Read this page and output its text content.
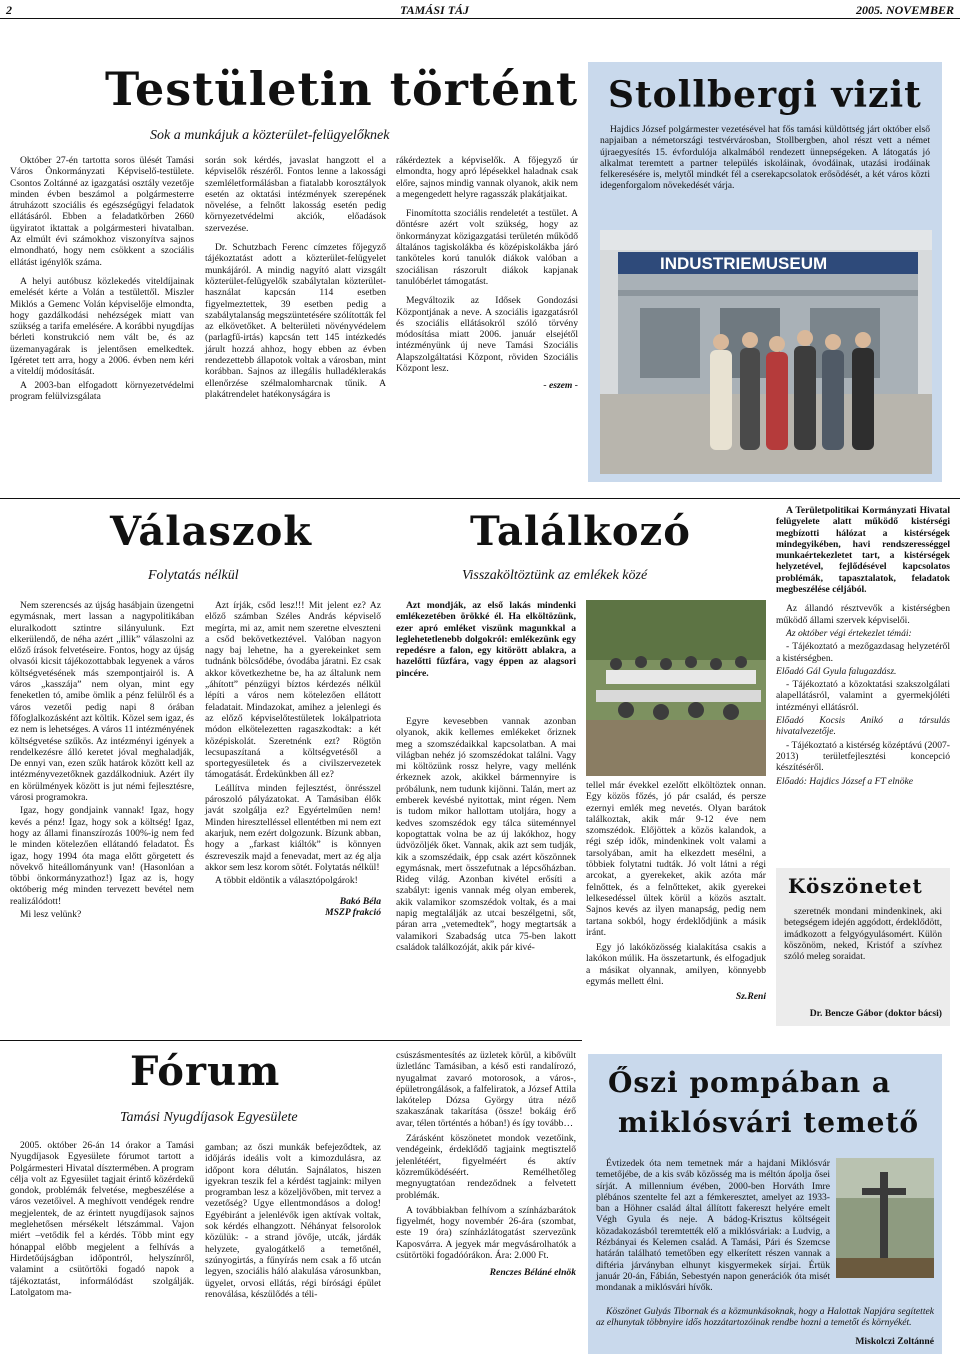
2	TAMÁSI TÁJ	2005. NOVEMBER
Testületin történt
Sok a munkájuk a közterület-felügyelőknek

Október 27-én tartotta soros ülését Tamási Város Önkormányzati Képviselő-testülete. Csontos Zoltánné az igazgatási osztály vezetője minden évben beszámol a polgármesterre átruházott szociális és egészségügyi feladatok ellátásáról. Ebben a feladatkörben 2660 ügyiratot iktattak a polgármesteri hivatalban. Az elmúlt évi számokhoz viszonyítva sajnos elmondható, hogy nem csökkent a szociális ellátást igénylők száma.

A helyi autóbusz közlekedés viteldíjainak emelését kérte a Volán a testülettől. Miszler Miklós a Gemenc Volán képviselője elmondta, hogy gazdálkodási nehézségek miatt van szükség a tarifa emelésére. A korábbi nyugdíjas bérleti konstrukció nem vált be, és az üzemanyagárak is jelentősen emelkedtek. Igéretet tett arra, hogy a 2006. évben nem kéri a viteldíj módosítását.

A 2003-ban elfogadott környezetvédelmi program felülvizsgálata

során sok kérdés, javaslat hangzott el a képviselők részéről. Fontos lenne a lakossági szemléletformálásban a fiatalabb korosztályok esetén az oktatási intézmények szerepének növelése, a felnőtt lakosság esetén pedig környezetvédelmi akciók, előadások szervezése.

Dr. Schutzbach Ferenc címzetes főjegyző tájékoztatást adott a közterület-felügyelet munkájáról. A mindig nagyító alatt vizsgált közterület-felügyelők szabálytalan közterület-használat kapcsán 114 esetben figyelmeztettek, 39 esetben pedig a szabálytalanság megszüntetésére szólították fel az elkövetőket. A belterületi növényvédelem (parlagfű-irtás) kapcsán tett 145 intézkedés járult hozzá ahhoz, hogy ebben az évben rendezettebb állapotok voltak a városban, mint korábban. Sajnos az illegális hulladéklerakás ellenőrzése szélmalomharcnak tűnik. A plakátrendelet hatékonyságára is

rákérdeztek a képviselők. A főjegyző úr elmondta, hogy apró lépésekkel haladnak csak előre, sajnos mindig vannak olyanok, akik nem a megengedett helyre ragasszák plakátjaikat.

Finomította szociális rendeletét a testület. A döntésre azért volt szükség, hogy az önkormányzat közigazgatási területén működő általános tagiskolákba és középiskolákba járó tanköteles korú tanulók diákok valóban a szociálisan rászorult diákok kapjanak tanulóbérlet támogatást.

Megváltozik az Idősek Gondozási Központjának a neve. A szociális igazgatásról és szociális ellátásokról szóló törvény módosítása miatt 2006. január elsejétől intézményünk új neve Tamási Szociális Alapszolgáltatási Központ, röviden Szociális Központ lesz.

- eszem -

Stollbergi vizit

Hajdics József polgármester vezetésével hat fős tamási küldöttség járt október első napjaiban a németországi testvérvárosban, Stollbergben, ahol részt vett a német újraegyesítés 15. évfordulója alkalmából rendezett ünnepségeken. A látogatás jó alkalmat teremtett a partner település iskoláinak, óvodáinak, utazási irodáinak felkeresésére is, melytől mindkét fél a cserekapcsolatok erősödését, a két város közti idegenforgalom növekedését várja.

INDUSTRIEMUSEUM
Válaszok
Folytatás nélkül

Nem szerencsés az újság hasábjain üzengetni egymásnak, mert lassan a nagypolitikában eluralkodott sztintre silányulunk. Ezt elkerülendő, de néha azért „illik” válaszolni az előző írások felvetéseire. Fontos, hogy az újság olvasói kicsit tájékozottabbak legyenek a város költségvetésének más szempontjairól is. A város „kasszája” nem olyan, mint egy feneketlen tó, amibe ömlik a pénz felülről és a város vezetői pedig napi 8 órában főfoglalkozásként azt költik. Közel sem igaz, és ez nem is lehetséges. A város 11 intézményének költségvetése szűkös. Az intézményi igények a rendelkezésre álló keretet jóval meghaladják, De ennyi van, ezen szűk határok között kell az intézményvezetőknek gazdálkodniuk. Azért íly en körülmények között is jut némi fejlesztésre, városi programokra.

Igaz, hogy gondjaink vannak! Igaz, hogy kevés a pénz! Igaz, hogy sok a költség! Igaz, hogy az állami finanszírozás 100%-ig nem fed le minden kötelezően ellátandó feladatot. És igaz, hogy 1994 óta maga előtt görgetett és növekvő hiteállományunk van! (Hasonlóan a többi önkormányzathoz!) Igaz az is, hogy októberig még minden tervezett bevétel nem realizálódott!

Mi lesz velünk?

Azt írják, csőd lesz!!! Mit jelent ez? Az előző számban Széles András képviselő megírta, mi az, amit nem szeretne elveszteni a csőd bekövetkeztével. Valóban nagyon nagy baj lehetne, ha a gyerekeinket sem tudnánk bölcsődébe, óvodába járatni. Ez csak akkor következhetne be, ha az általunk nem „áhított” pénzügyi bíztos kérdezés nélkül lépíti a város nem kötelezően ellátott feladatait. Mindazokat, amihez a jelenlegi és az előző képviselőtestületek lokálpatriota módon elkötelezetten ragaszkodtak: a két középiskolát. Szeretnénk ezt? Rögtön lecsupaszítaná a költségvetésől a sportegyesületek és a civilszervezetek támogatását. Érdekünkben áll ez?

Leállítva minden fejlesztést, önrésszel pároszoló pályázatokat. A Tamásiban élők javát szolgálja ez? Egyértelműen nem! Minden hiresztelléssel ellentétben mi nem ezt akarjuk, nem ezért dolgozunk. Bízunk abban, hogy a „farkast kiáltók” is könnyen észreveszik majd a fenevadat, mert az ég alja akkor sem lesz korom sötét. Folytatás nélkül!

A többit eldöntik a választópolgárok!

Bakó Béla

MSZP frakció

Találkozó
Visszaköltöztünk az emlékek közé

Azt mondják, az első lakás mindenki emlékezetében örökké él. Ha elköltözünk, ezer apró emléket viszünk magunkkal a leglehetetlenebb dolgokról: emlékezünk egy repedésre a falon, egy kitörött ablakra, a hazelőtti fűzfára, vagy éppen az alagsori pincére.

Egyre kevesebben vannak azonban olyanok, akik kellemes emlékeket őriznek meg a szomszédaikkal kapcsolatban. A mai világban nehéz jó szomszédokat találni. Vagy mi költözünk rossz helyre, vagy mellénk érkeznek azok, akikkel bármennyire is próbálunk, nem tudunk kijönni. Talán, mert az emberek kevésbé nyitottak, mint régen. Nem is tudom mikor hallottam utoljára, hogy a kedves szomszédok egy tálca süteménnyel kopogtattak volna be az új lakókhoz, hogy üdvözöljék őket. Vannak, akik azt sem tudják, kik a szomszédaik, épp csak azért köszönnek egymásnak, mert összefutnak a lépcsőházban. Rideg világ. Azonban kivétel erősíti a szabályt: igenis vannak még olyan emberek, akik valamikor szomszédok voltak, és a mai napig megtalálják az utcai beszélgetni, sőt, páran arra „vetemedtek”, hogy megtartsák a valamikori Szabadság utca 75-ben lakott családok találkozóját, akik pár kivé-

tellel már évekkel ezelőtt elköltöztek onnan. Egy közös főzés, jó pár család, és persze ezernyi emlék meg nevetés. Olyan barátok találkoztak, akik már 9-12 éve nem szomszédok. Előjöttek a közös kalandok, a régi szép idők, mindenkinek volt valami a tarsolyában, amit ha elkezdett mesélni, a többiek folytatni tudták. Jó volt látni a régi arcokat, a gyerekeket, akik azóta már felnőttek, és a felnőtteket, akik gyerekei lelkesedéssel ültek körül a közös asztalt. Sajnos kevés az ilyen manapság, pedig nem tartana sokból, hogy érdeklődjünk a másik iránt.

Egy jó lakóközösség kialakítása csakis a lakókon múlik. Ha összetartunk, és elfogadjuk a másikat olyannak, amilyen, könnyebb egymás mellett élni.

Sz.Reni

A Területpolitikai Kormányzati Hivatal felügyelete alatt működő kistérségi megbízotti hálózat a kistérségek mindegyikében, havi rendszerességgel munkaértekezletet tart, a kistérségek helyzetével, fejlődésével kapcsolatos problémák, tapasztalatok, feladatok megbeszélése céljából.

Az állandó résztvevők a kistérségben működő állami szervek képviselői.

Az október végi értekezlet témái:

- Tájékoztató a mezőgazdasag helyzetéről a kistérségben.

Előadó Gál Gyula falugazdász.

- Tájékoztató a közoktatási szakszolgálati alapellátásról, valamint a gyermekjóléti intézményi ellátásról.

Előadó Kocsis Anikó a társulás hivatalvezetője.

- Tájékoztató a kistérség középtávú (2007-2013) területfejlesztési koncepció készítéséről.

Előadó: Hajdics József a FT elnöke

Köszönetet

szeretnék mondani mindenkinek, aki betegségem idején aggódott, érdeklődött, imádkozott a felgyógyulásomért. Külön köszönöm, neked, Kristóf a szívhez szóló meleg soraidat.

Dr. Bencze Gábor (doktor bácsi)

Fórum
Tamási Nyugdíjasok Egyesülete

2005. október 26-án 14 órakor a Tamási Nyugdíjasok Egyesülete fórumot tartott a Polgármesteri Hivatal dísztermében. A program célja volt az Egyesület tagjait érintő közérdekű gondok, problémák felvetése, megbeszélése a város vezetőivel. A meghívott vendégek rendre megjelentek, de az érintett nyugdíjasok sajnos meglehetősen mérsékelt létszámmal. Vajon miért –vetődik fel a kérdés. Több mint egy hónappal előbb megjelent a felhívás a Hirdetőújságban időpontról, helyszínről, valamint a csütörtöki fogadó napok a tájékoztatást, informálódást szolgálják. Latolgatom ma-

gamban; az őszi munkák befejeződtek, az időjárás ideális volt a kimozdulásra, az időpont kora délután. Sajnálatos, hiszen igyekran teszik fel a kérdést tagjaink: milyen programban lesz a közeljövőben, mit tervez a vezetőség? Ugye ellentmondásos a dolog! Egyébiránt a jelenlévők igen aktívak voltak, sok kérdés elhangzott. Néhányat felsorolok közülük: - a strand jövője, utcák, járdák helyzete, gyalogátkelő a temetőnél, szúnyogirtás, a fűnyírás nem csak a fő utcán legyen, szociális háló alakulása városunkban, ügyelet, orvosi ellátás, régi bírósági épület renoválása, készülődés a téli-

csúszásmentesítés az üzletek körül, a kibővült üzletlánc Tamásiban, a késő esti randalírozó, nyugalmat zavaró motorosok, a város-, épületrongálások, a falfeliratok, a József Attila lakótelep Dózsa György útra néző szakaszának takarítása (össze! bokáig érő avar, télen történtés a hóban!) és így tovább…

Zárásként köszönetet mondok vezetőink, vendégeink, érdeklődő tagjaink megtisztelő jelenlétéért, figyelméért és aktív közreműködéséért. Remélhetőleg megnyugtatóan rendeződnek a felvetett problémák.

A továbbiakban felhívom a színházbarátok figyelmét, hogy novembér 26-ára (szombat, este 19 óra) színházlátogatást szervezünk Kaposvárra. A jegyek már megvásárolhatók a csütörtöki fogadóórákon. Ára: 2.000 Ft.

Renczes Béláné elnök

Őszi pompában a
miklósvári temető

Évtizedek óta nem temetnek már a hajdani Miklósvár temetőjébe, de a kis sváb közösség ma is méltón ápolja ősei sírját. A millennium évében, 2000-ben Horváth Imre plébános szentelte fel azt a fémkeresztet, amelyet az 1933-ban a Höhner család által állított fakereszt helyére emelt Végh Gyula és neje. A bádog-Krisztus költségeit közadakozásból teremtették elő a miklósváriak: a Ludvig, a Rézbányai és Kelemen család. A Tamási, Pári és Szemcse határán található temetőben egy elkerített részen vannak a diftéria járványban elhunyt kisgyermekek sírjai. Értük január 20-án, Fábián, Sebestyén napon generációk óta misét mondanak a miklósvári hívők.

Köszönet Gulyás Tibornak és a közmunkásoknak, hogy a Halottak Napjára segítettek az elhunytak többnyire idős hozzátartozóinak rendbe hozni a temetőt és környékét.

Miskolczi Zoltánné
